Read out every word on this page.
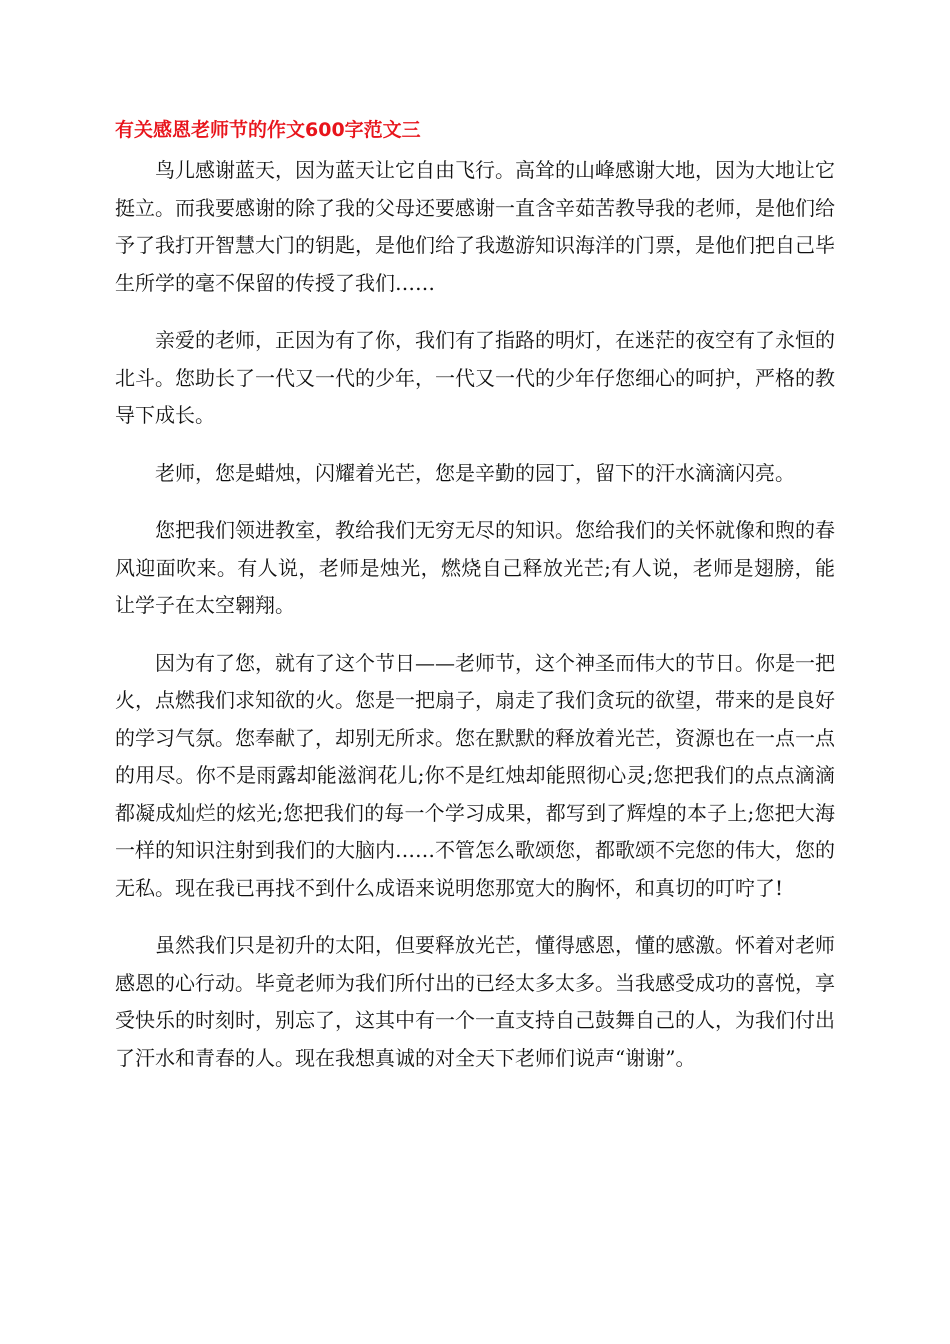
有关感恩老师节的作文600字范文三

鸟儿感谢蓝天，因为蓝天让它自由飞行。高耸的山峰感谢大地，因为大地让它挺立。而我要感谢的除了我的父母还要感谢一直含辛茹苦教导我的老师，是他们给予了我打开智慧大门的钥匙，是他们给了我遨游知识海洋的门票，是他们把自己毕生所学的毫不保留的传授了我们……

亲爱的老师，正因为有了你，我们有了指路的明灯，在迷茫的夜空有了永恒的北斗。您助长了一代又一代的少年，一代又一代的少年仔您细心的呵护，严格的教导下成长。

老师，您是蜡烛，闪耀着光芒，您是辛勤的园丁，留下的汗水滴滴闪亮。

您把我们领进教室，教给我们无穷无尽的知识。您给我们的关怀就像和煦的春风迎面吹来。有人说，老师是烛光，燃烧自己释放光芒;有人说，老师是翅膀，能让学子在太空翱翔。

因为有了您，就有了这个节日——老师节，这个神圣而伟大的节日。你是一把火，点燃我们求知欲的火。您是一把扇子，扇走了我们贪玩的欲望，带来的是良好的学习气氛。您奉献了，却别无所求。您在默默的释放着光芒，资源也在一点一点的用尽。你不是雨露却能滋润花儿;你不是红烛却能照彻心灵;您把我们的点点滴滴都凝成灿烂的炫光;您把我们的每一个学习成果，都写到了辉煌的本子上;您把大海一样的知识注射到我们的大脑内……不管怎么歌颂您，都歌颂不完您的伟大，您的无私。现在我已再找不到什么成语来说明您那宽大的胸怀，和真切的叮咛了!

虽然我们只是初升的太阳，但要释放光芒，懂得感恩，懂的感激。怀着对老师感恩的心行动。毕竟老师为我们所付出的已经太多太多。当我感受成功的喜悦，享受快乐的时刻时，别忘了，这其中有一个一直支持自己鼓舞自己的人，为我们付出了汗水和青春的人。现在我想真诚的对全天下老师们说声“谢谢”。
